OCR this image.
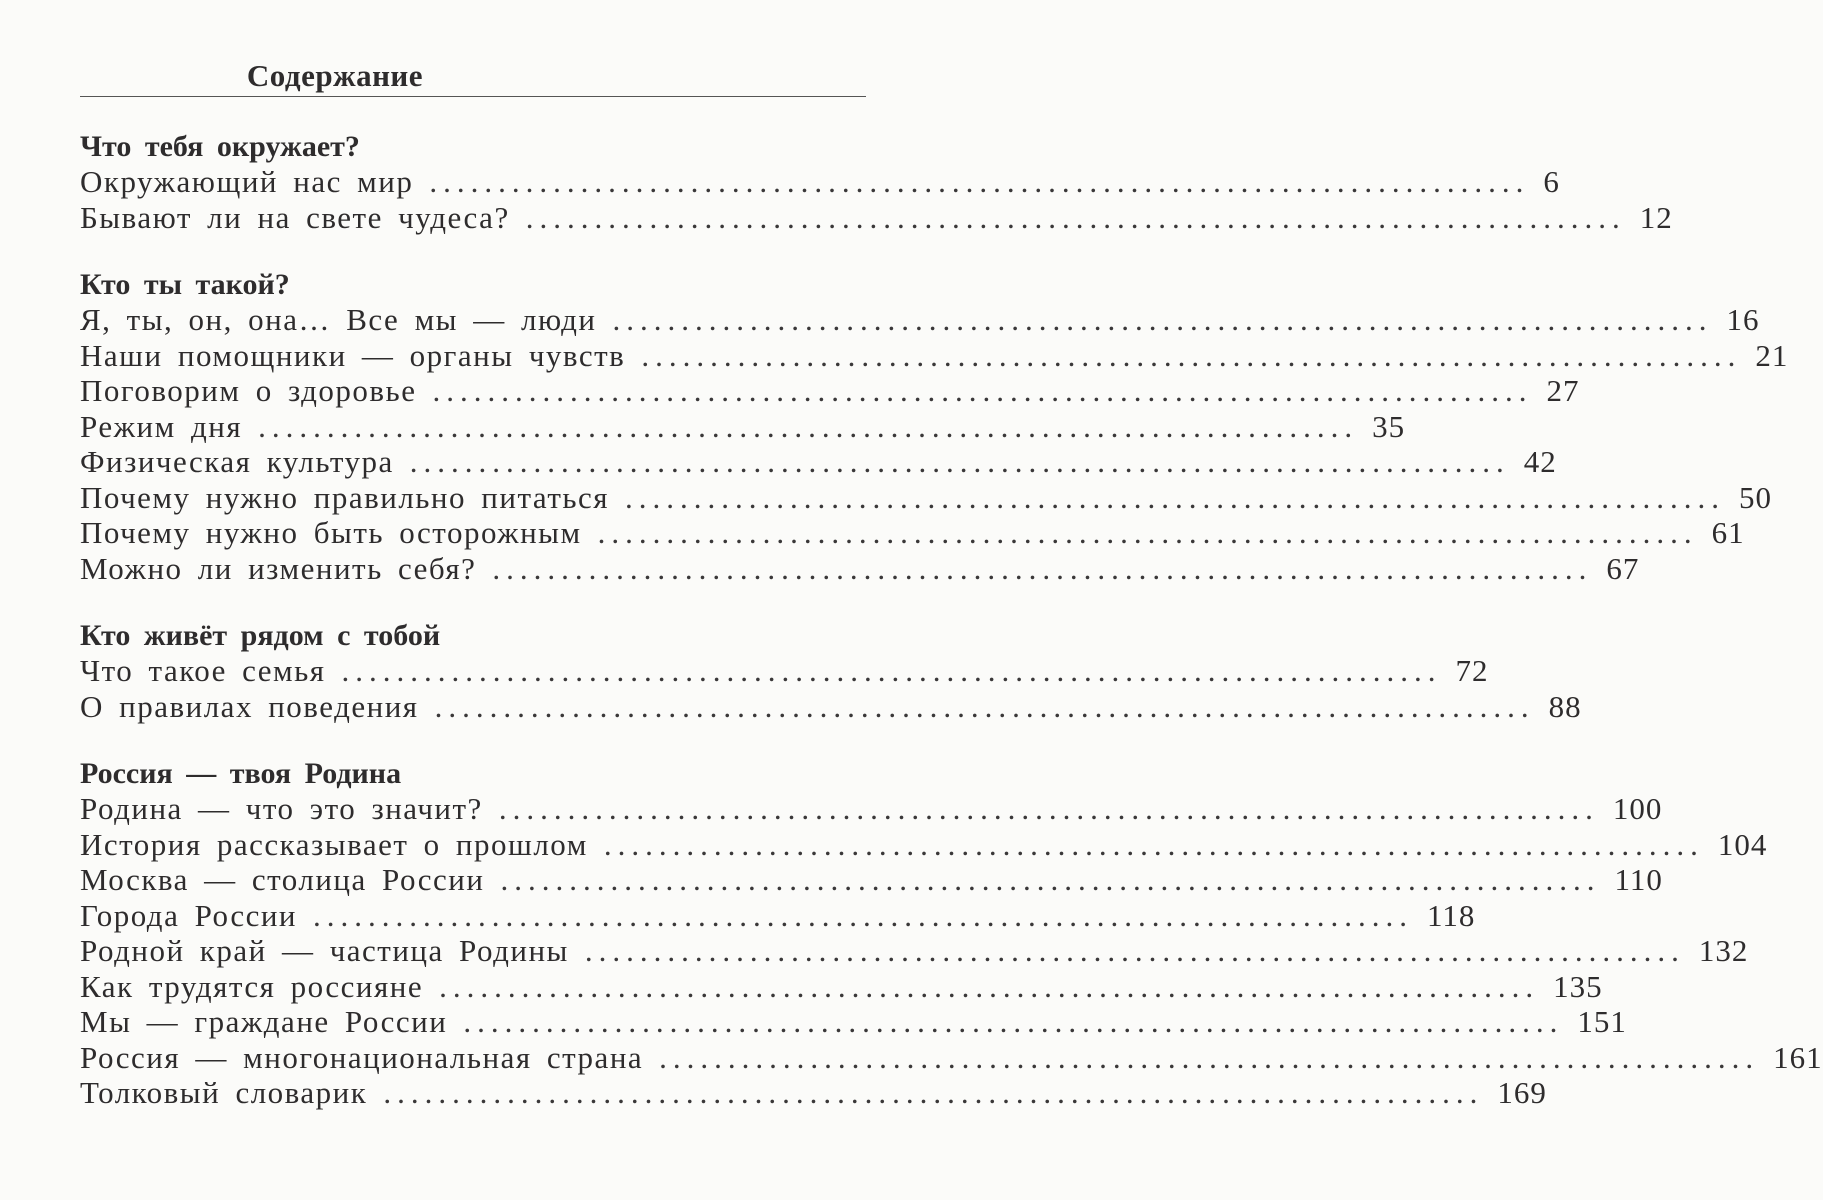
Содержание
Что тебя окружает?
Окружающий нас мир ................................................................................ 6
Бывают ли на свете чудеса? ................................................................................ 12
Кто ты такой?
Я, ты, он, она… Все мы — люди ................................................................................ 16
Наши помощники — органы чувств ................................................................................ 21
Поговорим о здоровье ................................................................................ 27
Режим дня ................................................................................ 35
Физическая культура ................................................................................ 42
Почему нужно правильно питаться ................................................................................ 50
Почему нужно быть осторожным ................................................................................ 61
Можно ли изменить себя? ................................................................................ 67
Кто живёт рядом с тобой
Что такое семья ................................................................................ 72
О правилах поведения ................................................................................ 88
Россия — твоя Родина
Родина — что это значит? ................................................................................ 100
История рассказывает о прошлом ................................................................................ 104
Москва — столица России ................................................................................ 110
Города России ................................................................................ 118
Родной край — частица Родины ................................................................................ 132
Как трудятся россияне ................................................................................ 135
Мы — граждане России ................................................................................ 151
Россия — многонациональная страна ................................................................................ 161
Толковый словарик ................................................................................ 169
